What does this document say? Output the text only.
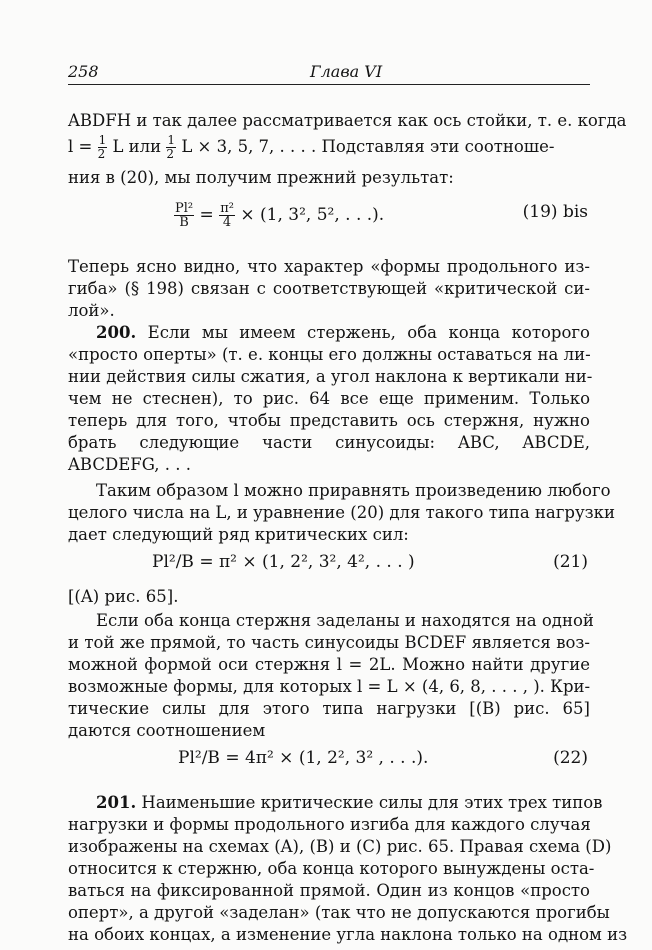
258	Глава VI
ABDFH и так далее рассматривается как ось стойки, т. е. когда
$l = \frac{1}{2}$ L или $\frac{1}{2}$ L × 3, 5, 7, . . . . Подставляя эти соотноше-
ния в (20), мы получим прежний результат:
$\frac{\text{Pl²}}{B} = \frac{\text{π²}}{4} \times (1$, 3², 5², . . .).	(19) bis
Теперь ясно видно, что характер «формы продольного из-
гиба» (§ 198) связан с соответствующей «критической си-
лой».
200. Если мы имеем стержень, оба конца которого
«просто оперты» (т. е. концы его должны оставаться на ли-
нии действия силы сжатия, а угол наклона к вертикали ни-
чем не стеснен), то рис. 64 все еще применим. Только
теперь для того, чтобы представить ось стержня, нужно
брать следующие части синусоиды: ABC, ABCDE,
ABCDEFG, . . .
Таким образом l можно приравнять произведению любого
целого числа на L, и уравнение (20) для такого типа нагрузки
дает следующий ряд критических сил:
Pl²/B = π² × (1, 2², 3², 4², . . . )	(21)
[(A) рис. 65].
Если оба конца стержня заделаны и находятся на одной
и той же прямой, то часть синусоиды BCDEF является воз-
можной формой оси стержня l = 2L. Можно найти другие
возможные формы, для которых l = L × (4, 6, 8, . . . , ). Кри-
тические силы для этого типа нагрузки [(B) рис. 65]
даются соотношением
Pl²/B = 4π² × (1, 2², 3² , . . .).	(22)
201. Наименьшие критические силы для этих трех типов
нагрузки и формы продольного изгиба для каждого случая
изображены на схемах (A), (B) и (C) рис. 65. Правая схема (D)
относится к стержню, оба конца которого вынуждены оста-
ваться на фиксированной прямой. Один из концов «просто
оперт», а другой «заделан» (так что не допускаются прогибы
на обоих концах, а изменение угла наклона только на одном из
